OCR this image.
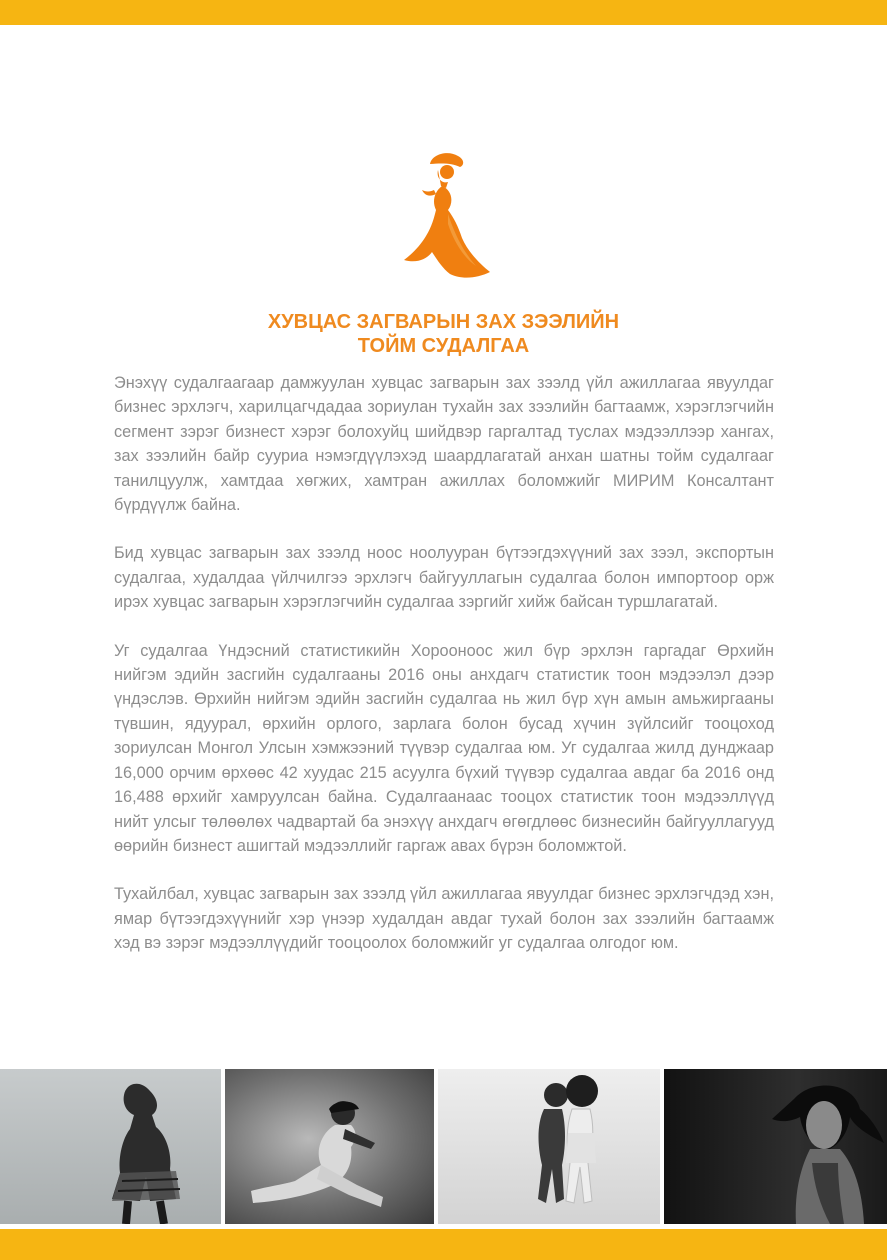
ХУВЦАС ЗАГВАРЫН ЗАХ ЗЭЭЛИЙН
ТОЙМ СУДАЛГАА

Энэхүү судалгаагаар дамжуулан хувцас загварын зах зээлд үйл ажиллагаа явуулдаг бизнес эрхлэгч, харилцагчдадаа зориулан тухайн зах зээлийн багтаамж, хэрэглэгчийн сегмент зэрэг бизнест хэрэг болохуйц шийдвэр гаргалтад туслах мэдээллээр хангах, зах зээлийн байр сууриа нэмэгдүүлэхэд шаардлагатай анхан шатны тойм судалгааг танилцуулж, хамтдаа хөгжих, хамтран ажиллах боломжийг МИРИМ Консалтант бүрдүүлж байна.

Бид хувцас загварын зах зээлд ноос ноолууран бүтээгдэхүүний зах зээл, экспортын судалгаа, худалдаа үйлчилгээ эрхлэгч байгууллагын судалгаа болон импортоор орж ирэх хувцас загварын хэрэглэгчийн судалгаа зэргийг хийж байсан туршлагатай.

Уг судалгаа Үндэсний статистикийн Хорооноос жил бүр эрхлэн гаргадаг Өрхийн нийгэм эдийн засгийн судалгааны 2016 оны анхдагч статистик тоон мэдээлэл дээр үндэслэв. Өрхийн нийгэм эдийн засгийн судалгаа нь жил бүр хүн амын амьжиргааны түвшин, ядуурал, өрхийн орлого, зарлага болон бусад хүчин зүйлсийг тооцоход зориулсан Монгол Улсын хэмжээний түүвэр судалгаа юм. Уг судалгаа жилд дунджаар 16,000 орчим өрхөөс 42 хуудас 215 асуулга бүхий түүвэр судалгаа авдаг ба 2016 онд 16,488 өрхийг хамруулсан байна. Судалгаанаас тооцох статистик тоон мэдээллүүд нийт улсыг төлөөлөх чадвартай ба энэхүү анхдагч өгөгдлөөс бизнесийн байгууллагууд өөрийн бизнест ашигтай мэдээллийг гаргаж авах бүрэн боломжтой.

Тухайлбал, хувцас загварын зах зээлд үйл ажиллагаа явуулдаг бизнес эрхлэгчдэд хэн, ямар бүтээгдэхүүнийг хэр үнээр худалдан авдаг тухай болон зах зээлийн багтаамж хэд вэ зэрэг мэдээллүүдийг тооцоолох боломжийг уг судалгаа олгодог юм.
